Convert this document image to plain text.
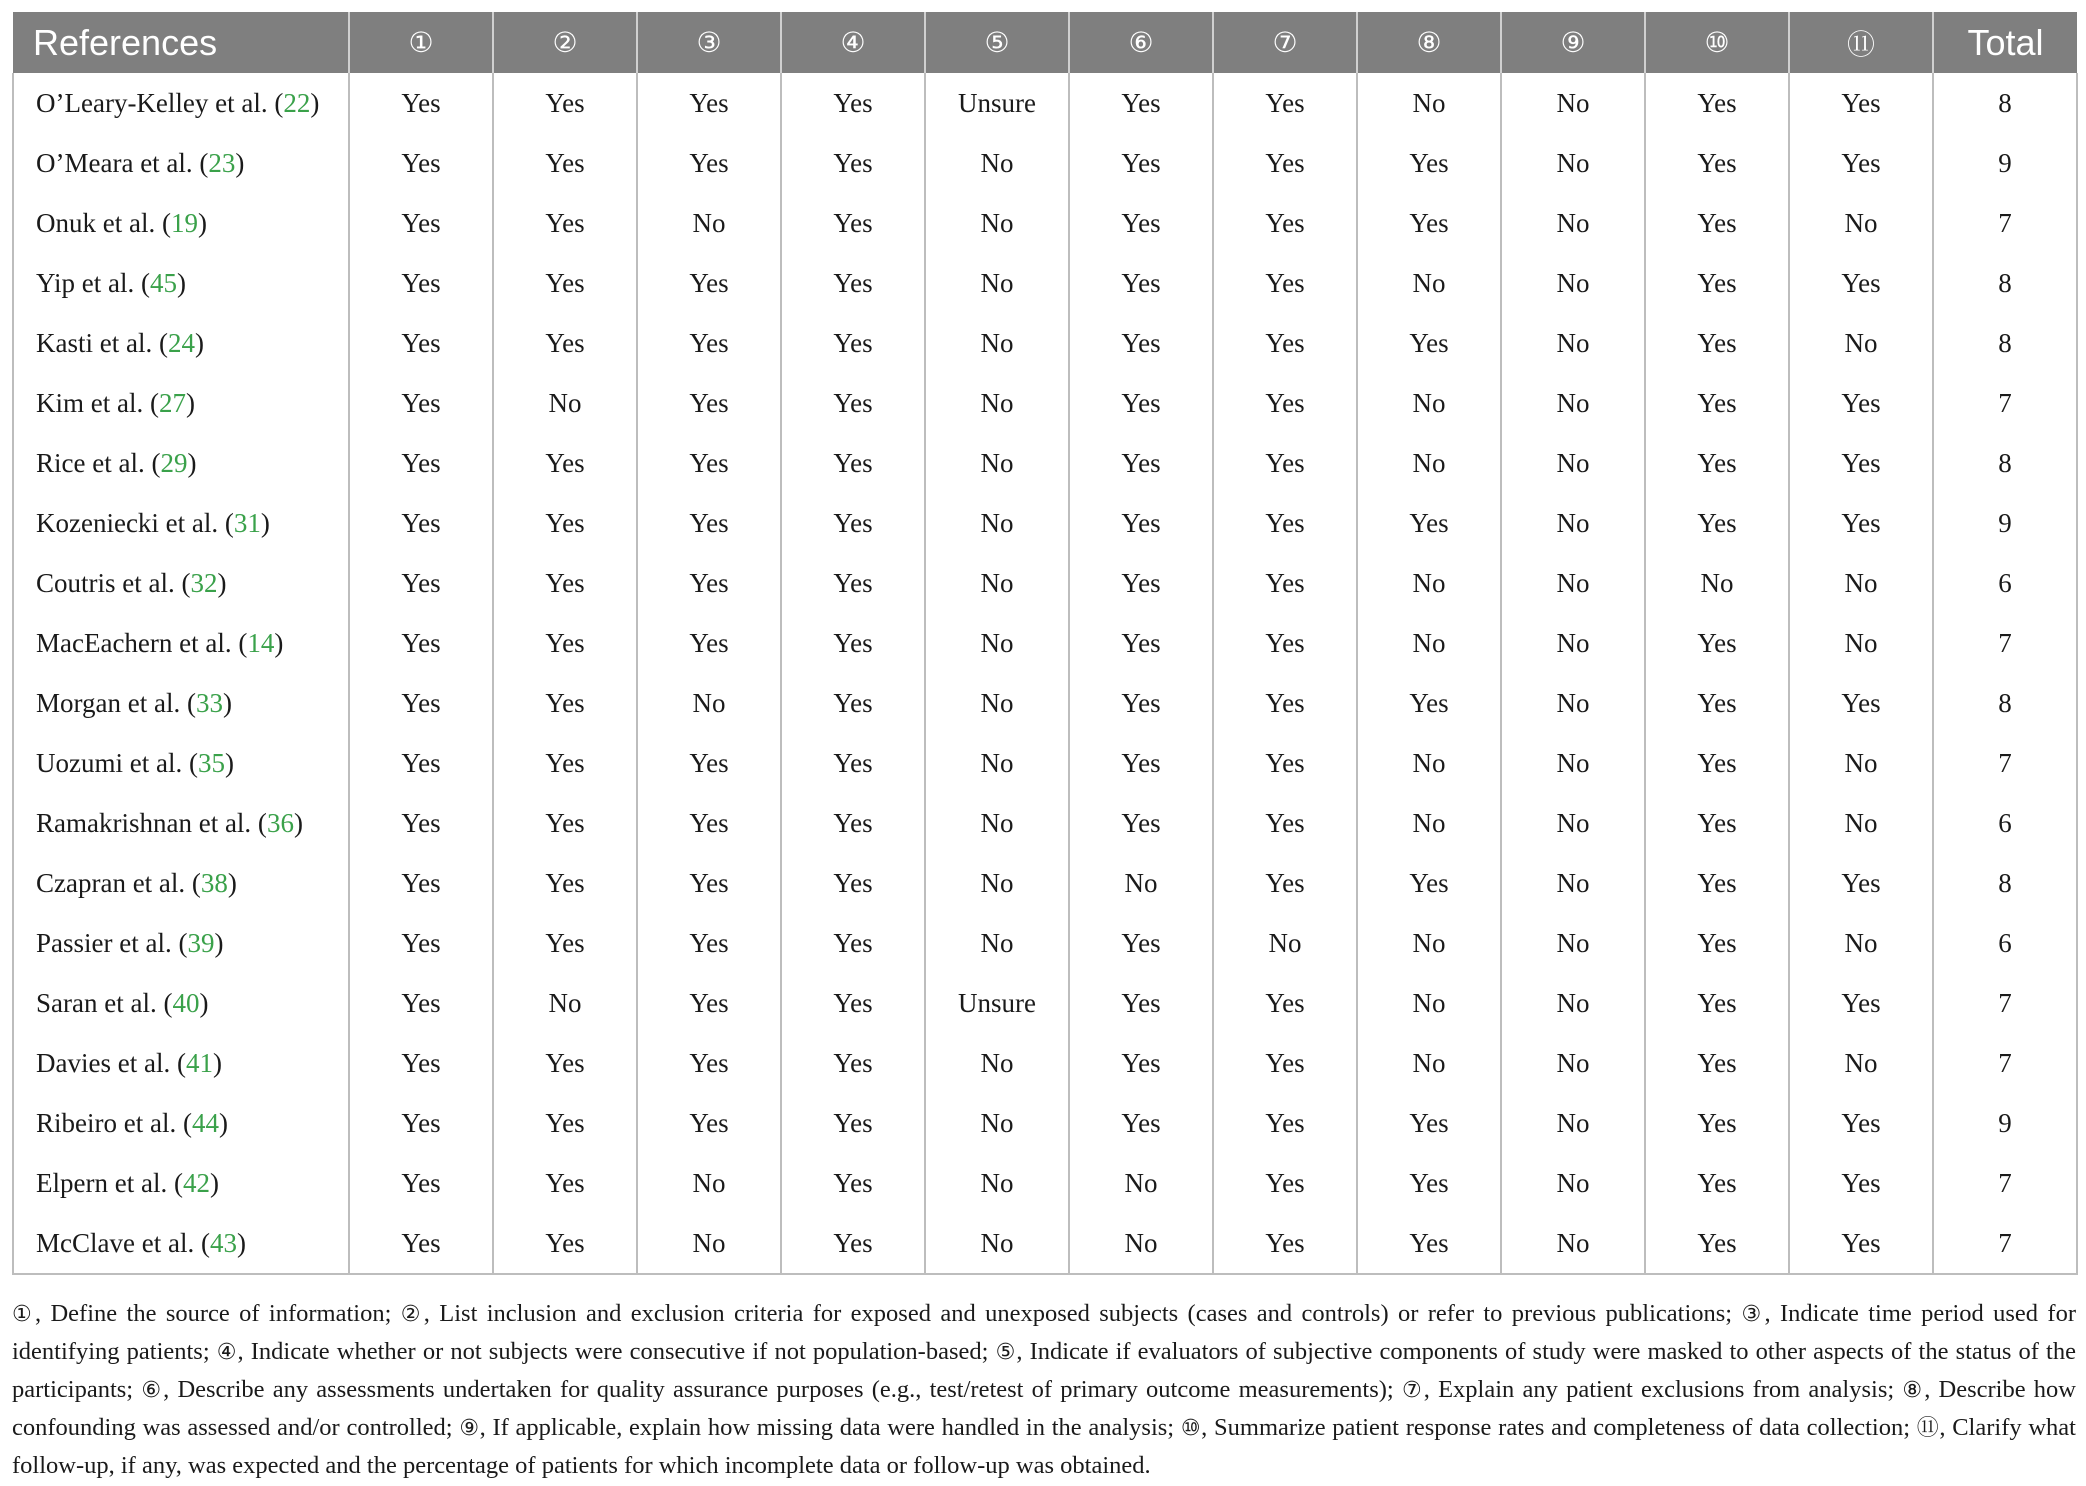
References	①	②	③	④	⑤	⑥	⑦	⑧	⑨	⑩	⑪	Total
O’Leary-Kelley et al. (22)	Yes	Yes	Yes	Yes	Unsure	Yes	Yes	No	No	Yes	Yes	8
O’Meara et al. (23)	Yes	Yes	Yes	Yes	No	Yes	Yes	Yes	No	Yes	Yes	9
Onuk et al. (19)	Yes	Yes	No	Yes	No	Yes	Yes	Yes	No	Yes	No	7
Yip et al. (45)	Yes	Yes	Yes	Yes	No	Yes	Yes	No	No	Yes	Yes	8
Kasti et al. (24)	Yes	Yes	Yes	Yes	No	Yes	Yes	Yes	No	Yes	No	8
Kim et al. (27)	Yes	No	Yes	Yes	No	Yes	Yes	No	No	Yes	Yes	7
Rice et al. (29)	Yes	Yes	Yes	Yes	No	Yes	Yes	No	No	Yes	Yes	8
Kozeniecki et al. (31)	Yes	Yes	Yes	Yes	No	Yes	Yes	Yes	No	Yes	Yes	9
Coutris et al. (32)	Yes	Yes	Yes	Yes	No	Yes	Yes	No	No	No	No	6
MacEachern et al. (14)	Yes	Yes	Yes	Yes	No	Yes	Yes	No	No	Yes	No	7
Morgan et al. (33)	Yes	Yes	No	Yes	No	Yes	Yes	Yes	No	Yes	Yes	8
Uozumi et al. (35)	Yes	Yes	Yes	Yes	No	Yes	Yes	No	No	Yes	No	7
Ramakrishnan et al. (36)	Yes	Yes	Yes	Yes	No	Yes	Yes	No	No	Yes	No	6
Czapran et al. (38)	Yes	Yes	Yes	Yes	No	No	Yes	Yes	No	Yes	Yes	8
Passier et al. (39)	Yes	Yes	Yes	Yes	No	Yes	No	No	No	Yes	No	6
Saran et al. (40)	Yes	No	Yes	Yes	Unsure	Yes	Yes	No	No	Yes	Yes	7
Davies et al. (41)	Yes	Yes	Yes	Yes	No	Yes	Yes	No	No	Yes	No	7
Ribeiro et al. (44)	Yes	Yes	Yes	Yes	No	Yes	Yes	Yes	No	Yes	Yes	9
Elpern et al. (42)	Yes	Yes	No	Yes	No	No	Yes	Yes	No	Yes	Yes	7
McClave et al. (43)	Yes	Yes	No	Yes	No	No	Yes	Yes	No	Yes	Yes	7
①, Define the source of information; ②, List inclusion and exclusion criteria for exposed and unexposed subjects (cases and controls) or refer to previous publications; ③, Indicate time period used for identifying patients; ④, Indicate whether or not subjects were consecutive if not population-based; ⑤, Indicate if evaluators of subjective components of study were masked to other aspects of the status of the participants; ⑥, Describe any assessments undertaken for quality assurance purposes (e.g., test/retest of primary outcome measurements); ⑦, Explain any patient exclusions from analysis; ⑧, Describe how confounding was assessed and/or controlled; ⑨, If applicable, explain how missing data were handled in the analysis; ⑩, Summarize patient response rates and completeness of data collection; ⑪, Clarify what follow-up, if any, was expected and the percentage of patients for which incomplete data or follow-up was obtained.
